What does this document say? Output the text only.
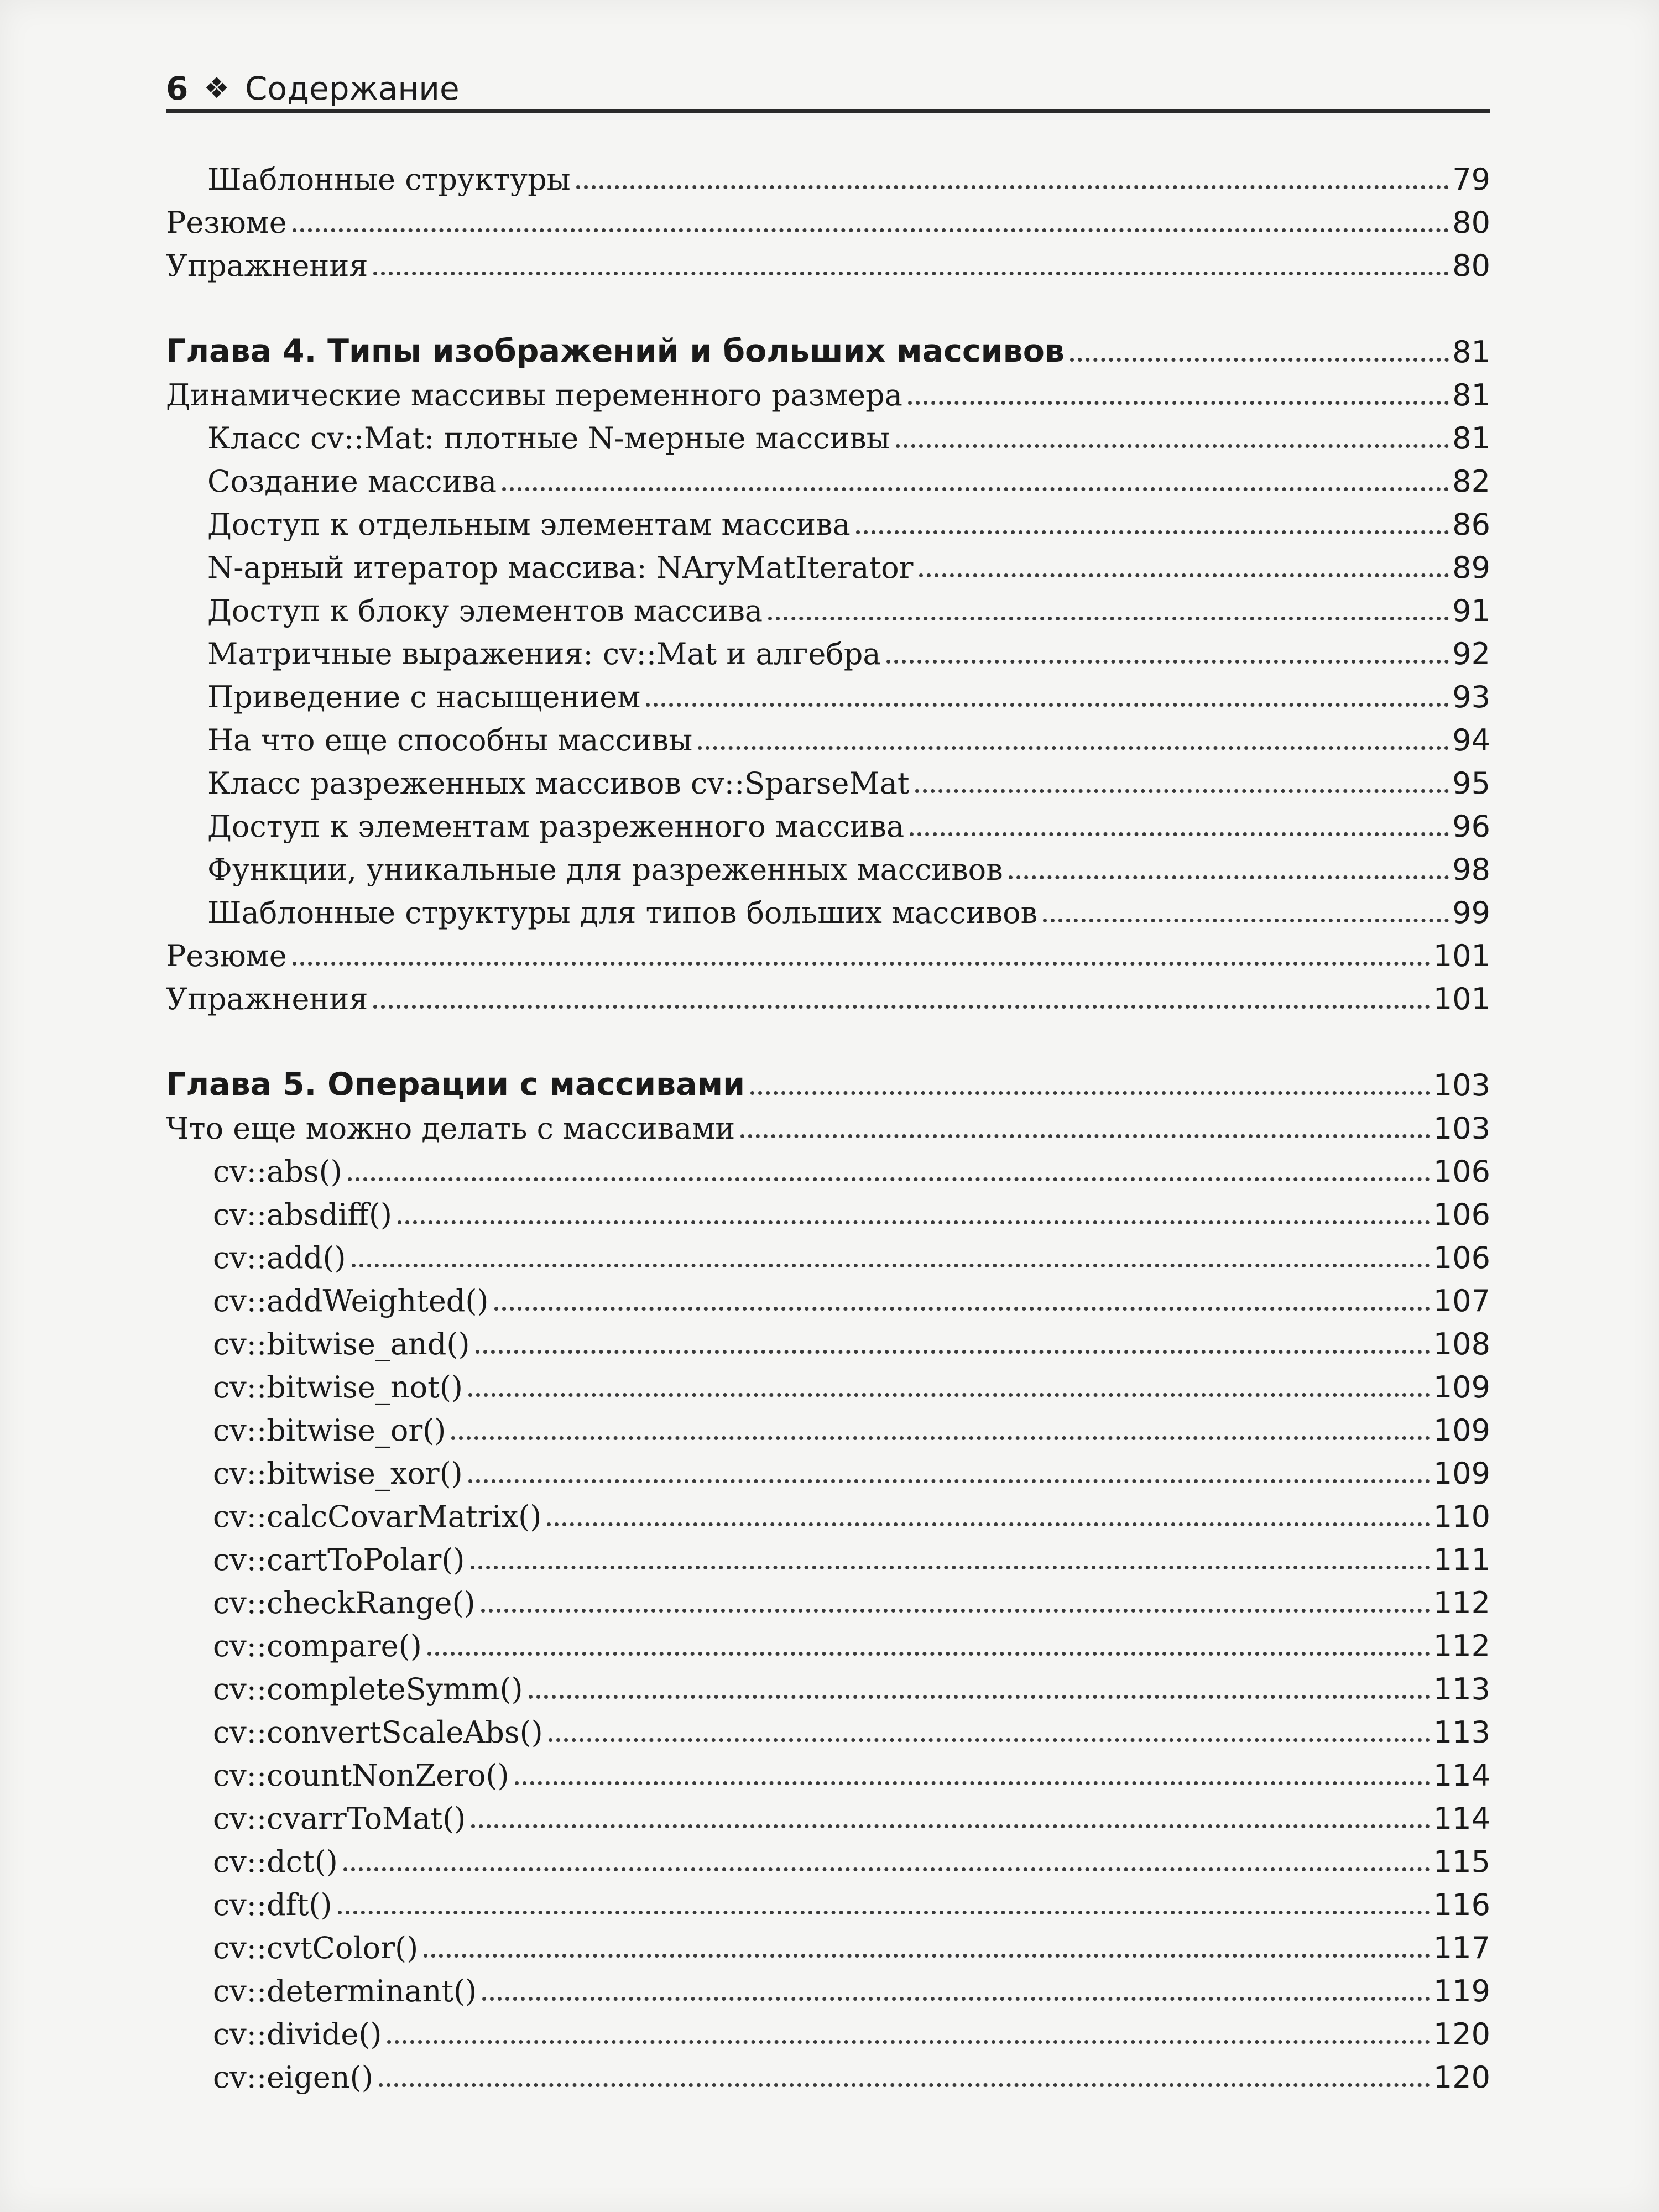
6 ❖ Содержание
Шаблонные структуры	79
Резюме	80
Упражнения	80
Глава 4. Типы изображений и больших массивов	81
Динамические массивы переменного размера	81
Класс cv::Mat: плотные N-мерные массивы	81
Создание массива	82
Доступ к отдельным элементам массива	86
N-арный итератор массива: NAryMatIterator	89
Доступ к блоку элементов массива	91
Матричные выражения: cv::Mat и алгебра	92
Приведение с насыщением	93
На что еще способны массивы	94
Класс разреженных массивов cv::SparseMat	95
Доступ к элементам разреженного массива	96
Функции, уникальные для разреженных массивов	98
Шаблонные структуры для типов больших массивов	99
Резюме	101
Упражнения	101
Глава 5. Операции с массивами	103
Что еще можно делать с массивами	103
cv::abs()	106
cv::absdiff()	106
cv::add()	106
cv::addWeighted()	107
cv::bitwise_and()	108
cv::bitwise_not()	109
cv::bitwise_or()	109
cv::bitwise_xor()	109
cv::calcCovarMatrix()	110
cv::cartToPolar()	111
cv::checkRange()	112
cv::compare()	112
cv::completeSymm()	113
cv::convertScaleAbs()	113
cv::countNonZero()	114
cv::cvarrToMat()	114
cv::dct()	115
cv::dft()	116
cv::cvtColor()	117
cv::determinant()	119
cv::divide()	120
cv::eigen()	120
